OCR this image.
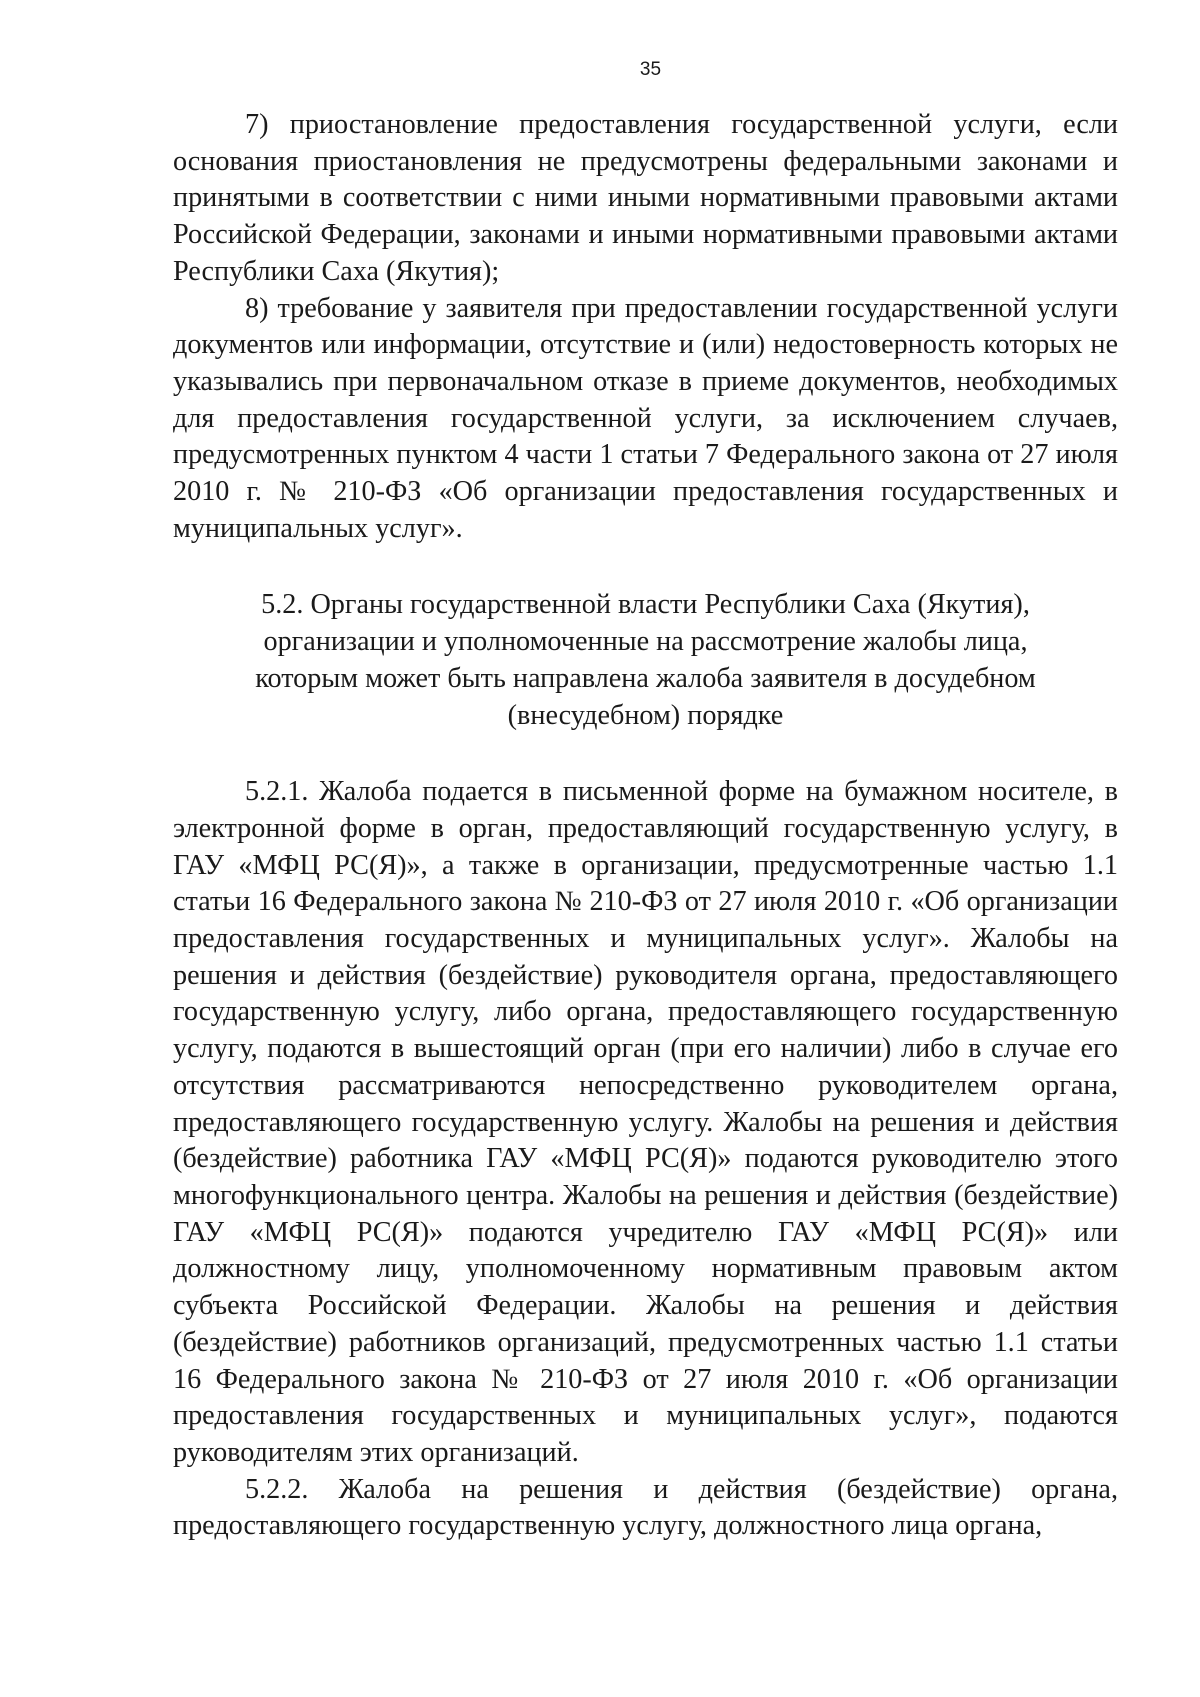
35

7) приостановление предоставления государственной услуги, если основания приостановления не предусмотрены федеральными законами и принятыми в соответствии с ними иными нормативными правовыми актами Российской Федерации, законами и иными нормативными правовыми актами Республики Саха (Якутия);

8) требование у заявителя при предоставлении государственной услуги документов или информации, отсутствие и (или) недостоверность которых не указывались при первоначальном отказе в приеме документов, необходимых для предоставления государственной услуги, за исключением случаев, предусмотренных пунктом 4 части 1 статьи 7 Федерального закона от 27 июля 2010 г. № 210-ФЗ «Об организации предоставления государственных и муниципальных услуг».

5.2. Органы государственной власти Республики Саха (Якутия),
организации и уполномоченные на рассмотрение жалобы лица,
которым может быть направлена жалоба заявителя в досудебном
(внесудебном) порядке

5.2.1. Жалоба подается в письменной форме на бумажном носителе, в электронной форме в орган, предоставляющий государственную услугу, в ГАУ «МФЦ РС(Я)», а также в организации, предусмотренные частью 1.1 статьи 16 Федерального закона № 210-ФЗ от 27 июля 2010 г. «Об организации предоставления государственных и муниципальных услуг». Жалобы на решения и действия (бездействие) руководителя органа, предоставляющего государственную услугу, либо органа, предоставляющего государственную услугу, подаются в вышестоящий орган (при его наличии) либо в случае его отсутствия рассматриваются непосредственно руководителем органа, предоставляющего государственную услугу. Жалобы на решения и действия (бездействие) работника ГАУ «МФЦ РС(Я)» подаются руководителю этого многофункционального центра. Жалобы на решения и действия (бездействие) ГАУ «МФЦ РС(Я)» подаются учредителю ГАУ «МФЦ РС(Я)» или должностному лицу, уполномоченному нормативным правовым актом субъекта Российской Федерации. Жалобы на решения и действия (бездействие) работников организаций, предусмотренных частью 1.1 статьи 16 Федерального закона № 210-ФЗ от 27 июля 2010 г. «Об организации предоставления государственных и муниципальных услуг», подаются руководителям этих организаций.

5.2.2. Жалоба на решения и действия (бездействие) органа, предоставляющего государственную услугу, должностного лица органа,
